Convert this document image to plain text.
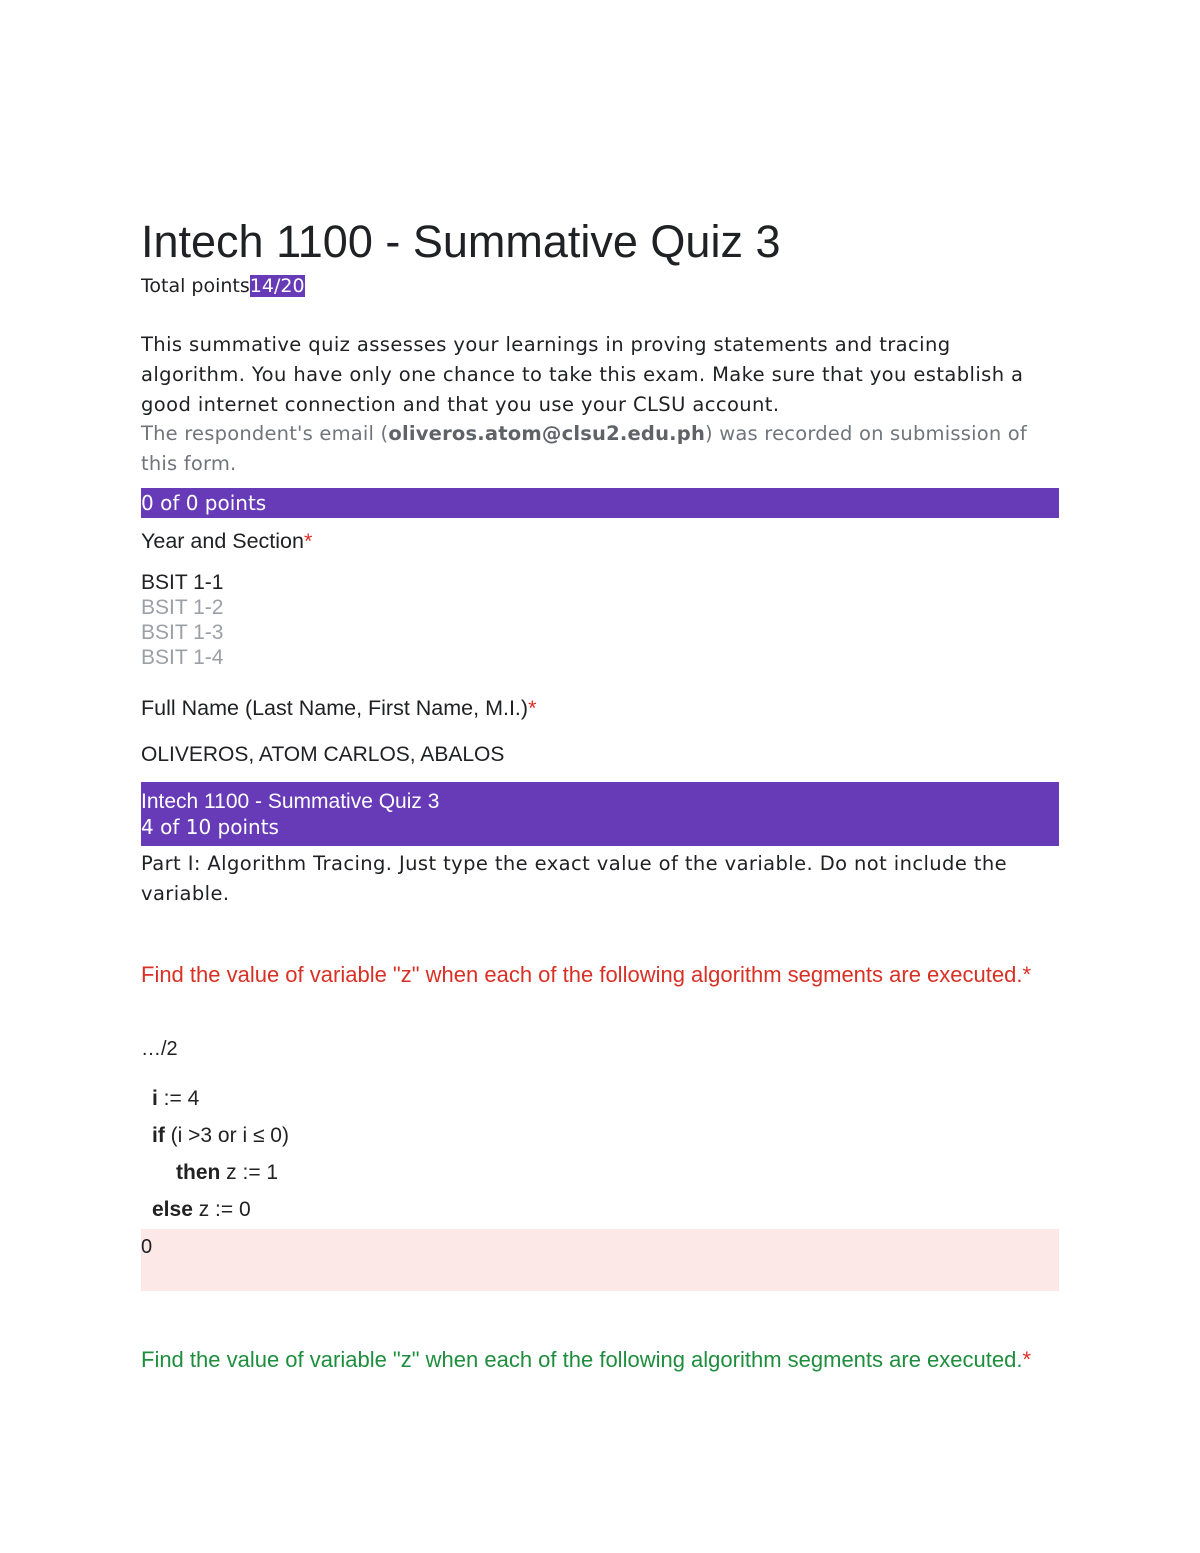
Intech 1100 - Summative Quiz 3
Total points14/20
This summative quiz assesses your learnings in proving statements and tracing algorithm. You have only one chance to take this exam. Make sure that you establish a good internet connection and that you use your CLSU account.
The respondent's email (oliveros.atom@clsu2.edu.ph) was recorded on submission of this form.
0 of 0 points
Year and Section*
BSIT 1-1
BSIT 1-2
BSIT 1-3
BSIT 1-4
Full Name (Last Name, First Name, M.I.)*
OLIVEROS, ATOM CARLOS, ABALOS
Intech 1100 - Summative Quiz 3
4 of 10 points
Part I: Algorithm Tracing. Just type the exact value of the variable. Do not include the variable.
Find the value of variable "z" when each of the following algorithm segments are executed.*
…/2
i := 4
if (i >3 or i ≤ 0)
then z := 1
else z := 0
0
Find the value of variable "z" when each of the following algorithm segments are executed.*
